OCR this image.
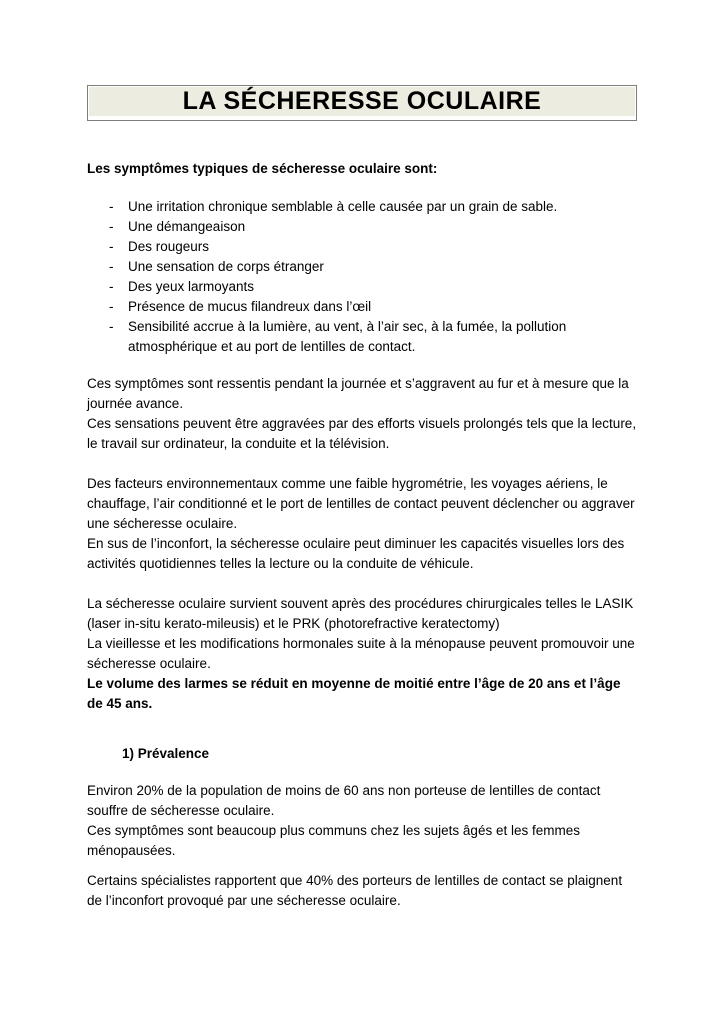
LA SÉCHERESSE OCULAIRE

Les symptômes typiques de sécheresse oculaire sont:

- Une irritation chronique semblable à celle causée par un grain de sable.
- Une démangeaison
- Des rougeurs
- Une sensation de corps étranger
- Des yeux larmoyants
- Présence de mucus filandreux dans l’œil
- Sensibilité accrue à la lumière, au vent, à l’air sec, à la fumée, la pollution atmosphérique et au port de lentilles de contact.

Ces symptômes sont ressentis pendant la journée et s’aggravent au fur et à mesure que la journée avance.

Ces sensations peuvent être aggravées par des efforts visuels prolongés tels que la lecture, le travail sur ordinateur, la conduite et la télévision.

Des facteurs environnementaux comme une faible hygrométrie, les voyages aériens, le chauffage, l’air conditionné et le port de lentilles de contact peuvent déclencher ou aggraver une sécheresse oculaire.

En sus de l’inconfort, la sécheresse oculaire peut diminuer les capacités visuelles lors des activités quotidiennes telles la lecture ou la conduite de véhicule.

La sécheresse oculaire survient souvent après des procédures chirurgicales telles le LASIK (laser in-situ kerato-mileusis) et le PRK (photorefractive keratectomy)

La vieillesse et les modifications hormonales suite à la ménopause peuvent promouvoir une sécheresse oculaire.

Le volume des larmes se réduit en moyenne de moitié entre l’âge de 20 ans et l’âge de 45 ans.

1) Prévalence

Environ 20% de la population de moins de 60 ans non porteuse de lentilles de contact souffre de sécheresse oculaire.

Ces symptômes sont beaucoup plus communs chez les sujets âgés et les femmes ménopausées.

Certains spécialistes rapportent que 40% des porteurs de lentilles de contact se plaignent de l’inconfort provoqué par une sécheresse oculaire.
